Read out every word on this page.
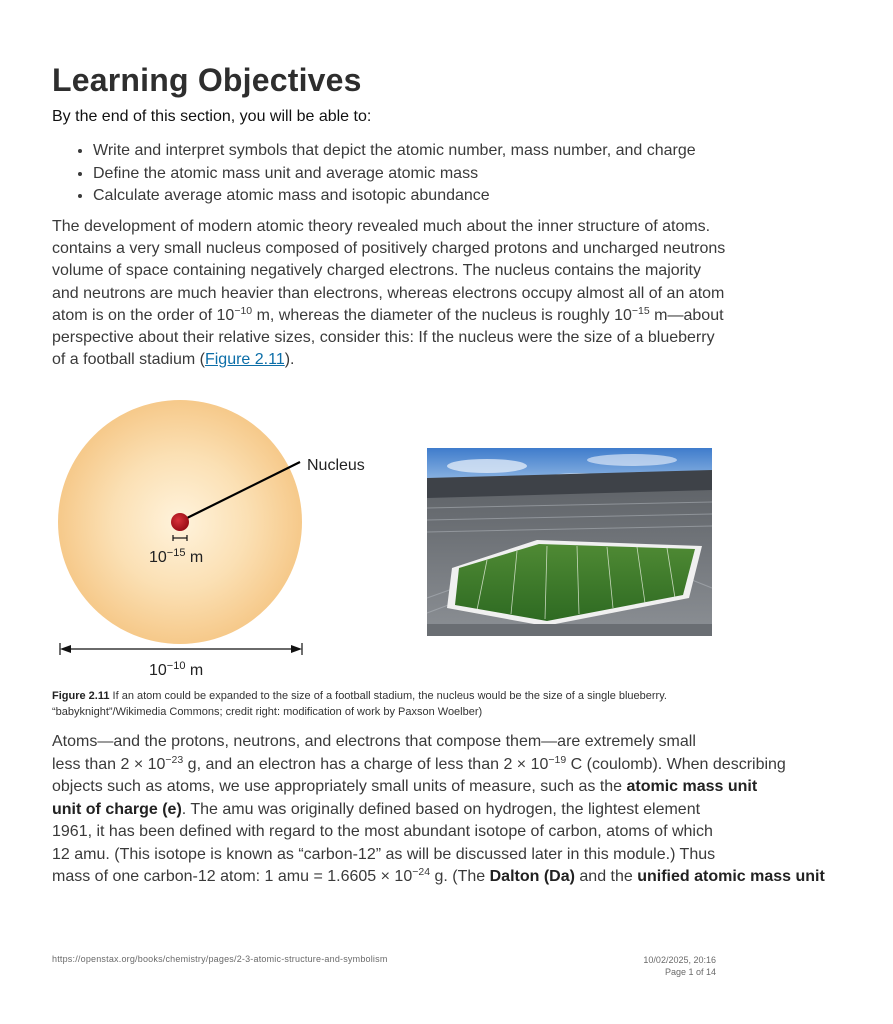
Learning Objectives
By the end of this section, you will be able to:
• Write and interpret symbols that depict the atomic number, mass number, and charge
• Define the atomic mass unit and average atomic mass
• Calculate average atomic mass and isotopic abundance
The development of modern atomic theory revealed much about the inner structure of atoms.
contains a very small nucleus composed of positively charged protons and uncharged neutrons
volume of space containing negatively charged electrons. The nucleus contains the majority
and neutrons are much heavier than electrons, whereas electrons occupy almost all of an atom
atom is on the order of $10^{-10}$ m, whereas the diameter of the nucleus is roughly $10^{-15}$ m—about
perspective about their relative sizes, consider this: If the nucleus were the size of a blueberry
of a football stadium (Figure 2.11).
Nucleus
$10^{-15}$ m
$10^{-10}$ m
Figure 2.11 If an atom could be expanded to the size of a football stadium, the nucleus would be the size of a single blueberry.
“babyknight”/Wikimedia Commons; credit right: modification of work by Paxson Woelber)
Atoms—and the protons, neutrons, and electrons that compose them—are extremely small
less than $2 \times 10^{-23}$ g, and an electron has a charge of less than $2 \times 10^{-19}$ C (coulomb). When describing
objects such as atoms, we use appropriately small units of measure, such as the atomic mass unit
unit of charge (e). The amu was originally defined based on hydrogen, the lightest element
1961, it has been defined with regard to the most abundant isotope of carbon, atoms of which
12 amu. (This isotope is known as “carbon-12” as will be discussed later in this module.) Thus
mass of one carbon-12 atom: 1 amu = $1.6605 \times 10^{-24}$ g. (The Dalton (Da) and the unified atomic mass unit
https://openstax.org/books/chemistry/pages/2-3-atomic-structure-and-symbolism	10/02/2025, 20:16
Page 1 of 14
